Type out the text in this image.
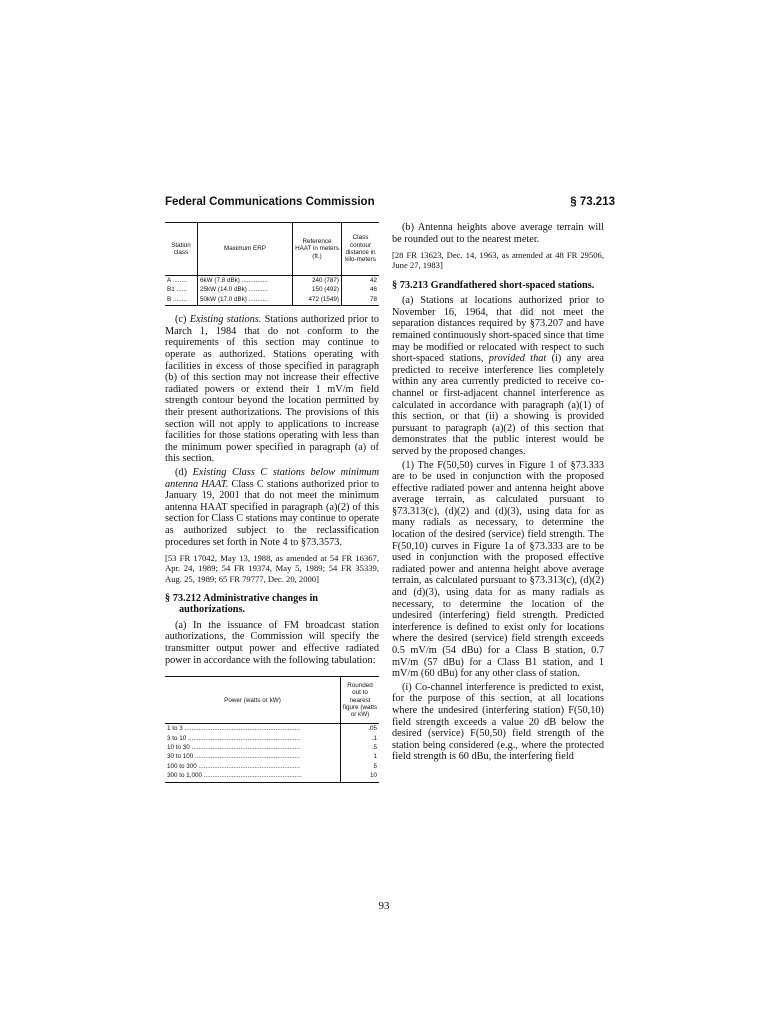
Federal Communications Commission	§ 73.213
Station class	Maximum ERP	Reference HAAT in meters (ft.)	Class contour distance in kilo-meters
A ........	6kW (7.8 dBk) ...............	240 (787)	42
B1 ......	25kW (14.0 dBk) ...........	150 (492)	46
B ........	50kW (17.0 dBk) ...........	472 (1549)	78

(c) Existing stations. Stations authorized prior to March 1, 1984 that do not conform to the requirements of this section may continue to operate as authorized. Stations operating with facilities in excess of those specified in paragraph (b) of this section may not increase their effective radiated powers or extend their 1 mV/m field strength contour beyond the location permitted by their present authorizations. The provisions of this section will not apply to applications to increase facilities for those stations operating with less than the minimum power specified in paragraph (a) of this section.

(d) Existing Class C stations below minimum antenna HAAT. Class C stations authorized prior to January 19, 2001 that do not meet the minimum antenna HAAT specified in paragraph (a)(2) of this section for Class C stations may continue to operate as authorized subject to the reclassification procedures set forth in Note 4 to §73.3573.

[53 FR 17042, May 13, 1988, as amended at 54 FR 16367, Apr. 24, 1989; 54 FR 19374, May 5, 1989; 54 FR 35339, Aug. 25, 1989; 65 FR 79777, Dec. 20, 2000]

§ 73.212 Administrative changes in authorizations.

(a) In the issuance of FM broadcast station authorizations, the Commission will specify the transmitter output power and effective radiated power in accordance with the following tabulation:

Power (watts or kW)	Rounded out to nearest figure (watts or kW)
1 to 3 ..................................................................	.05
3 to 10 ................................................................	.1
10 to 30 ..............................................................	.5
30 to 100 ............................................................	1
100 to 300 ..........................................................	5
300 to 1,000 ........................................................	10

(b) Antenna heights above average terrain will be rounded out to the nearest meter.

[28 FR 13623, Dec. 14, 1963, as amended at 48 FR 29506, June 27, 1983]

§ 73.213 Grandfathered short-spaced stations.

(a) Stations at locations authorized prior to November 16, 1964, that did not meet the separation distances required by §73.207 and have remained continuously short-spaced since that time may be modified or relocated with respect to such short-spaced stations, provided that (i) any area predicted to receive interference lies completely within any area currently predicted to receive co-channel or first-adjacent channel interference as calculated in accordance with paragraph (a)(1) of this section, or that (ii) a showing is provided pursuant to paragraph (a)(2) of this section that demonstrates that the public interest would be served by the proposed changes.

(1) The F(50,50) curves in Figure 1 of §73.333 are to be used in conjunction with the proposed effective radiated power and antenna height above average terrain, as calculated pursuant to §73.313(c), (d)(2) and (d)(3), using data for as many radials as necessary, to determine the location of the desired (service) field strength. The F(50,10) curves in Figure 1a of §73.333 are to be used in conjunction with the proposed effective radiated power and antenna height above average terrain, as calculated pursuant to §73.313(c), (d)(2) and (d)(3), using data for as many radials as necessary, to determine the location of the undesired (interfering) field strength. Predicted interference is defined to exist only for locations where the desired (service) field strength exceeds 0.5 mV/m (54 dBu) for a Class B station, 0.7 mV/m (57 dBu) for a Class B1 station, and 1 mV/m (60 dBu) for any other class of station.

(i) Co-channel interference is predicted to exist, for the purpose of this section, at all locations where the undesired (interfering station) F(50,10) field strength exceeds a value 20 dB below the desired (service) F(50,50) field strength of the station being considered (e.g., where the protected field strength is 60 dBu, the interfering field

93
